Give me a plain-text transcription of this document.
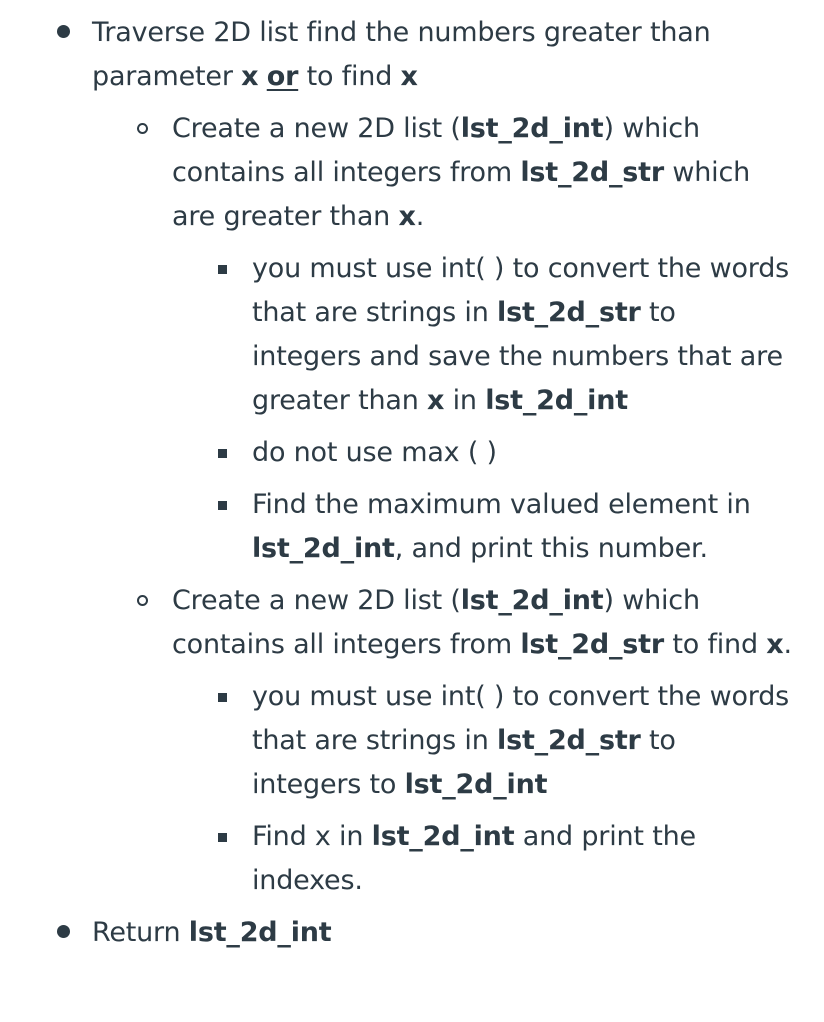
Traverse 2D list find the numbers greater than parameter x or to find x
Create a new 2D list (lst_2d_int) which contains all integers from lst_2d_str which are greater than x.
you must use int( ) to convert the words that are strings in lst_2d_str to integers and save the numbers that are greater than x in lst_2d_int
do not use max ( )
Find the maximum valued element in lst_2d_int, and print this number.
Create a new 2D list (lst_2d_int) which contains all integers from lst_2d_str to find x.
you must use int( ) to convert the words that are strings in lst_2d_str to integers to lst_2d_int
Find x in lst_2d_int and print the indexes.
Return lst_2d_int
